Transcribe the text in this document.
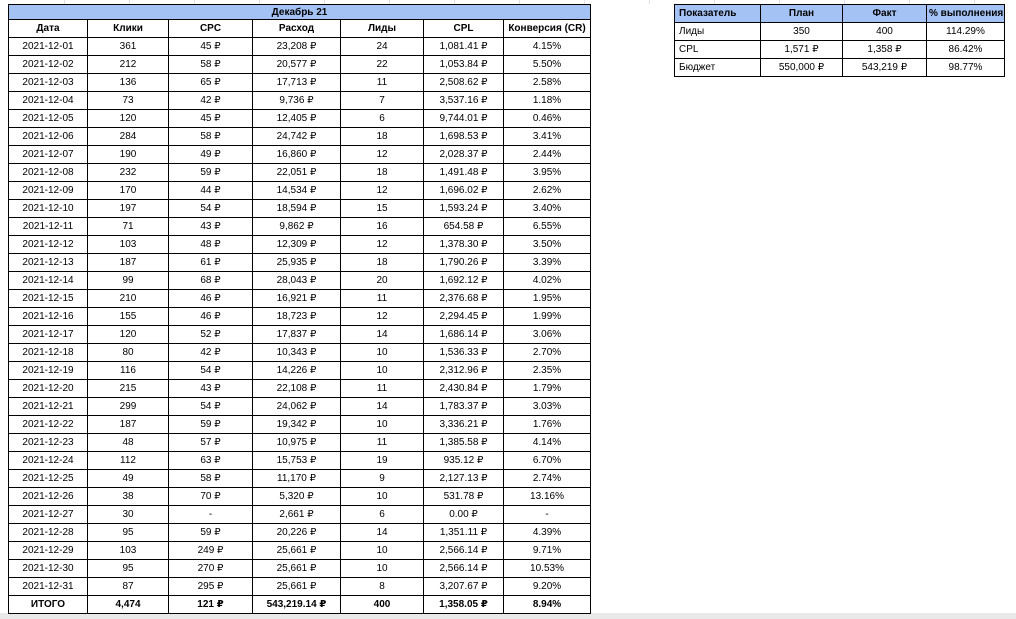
Декабрь 21						
Дата	Клики	CPC	Расход	Лиды	CPL	Конверсия (CR)
2021-12-01	361	45 ₽	23,208 ₽	24	1,081.41 ₽	4.15%
2021-12-02	212	58 ₽	20,577 ₽	22	1,053.84 ₽	5.50%
2021-12-03	136	65 ₽	17,713 ₽	11	2,508.62 ₽	2.58%
2021-12-04	73	42 ₽	9,736 ₽	7	3,537.16 ₽	1.18%
2021-12-05	120	45 ₽	12,405 ₽	6	9,744.01 ₽	0.46%
2021-12-06	284	58 ₽	24,742 ₽	18	1,698.53 ₽	3.41%
2021-12-07	190	49 ₽	16,860 ₽	12	2,028.37 ₽	2.44%
2021-12-08	232	59 ₽	22,051 ₽	18	1,491.48 ₽	3.95%
2021-12-09	170	44 ₽	14,534 ₽	12	1,696.02 ₽	2.62%
2021-12-10	197	54 ₽	18,594 ₽	15	1,593.24 ₽	3.40%
2021-12-11	71	43 ₽	9,862 ₽	16	654.58 ₽	6.55%
2021-12-12	103	48 ₽	12,309 ₽	12	1,378.30 ₽	3.50%
2021-12-13	187	61 ₽	25,935 ₽	18	1,790.26 ₽	3.39%
2021-12-14	99	68 ₽	28,043 ₽	20	1,692.12 ₽	4.02%
2021-12-15	210	46 ₽	16,921 ₽	11	2,376.68 ₽	1.95%
2021-12-16	155	46 ₽	18,723 ₽	12	2,294.45 ₽	1.99%
2021-12-17	120	52 ₽	17,837 ₽	14	1,686.14 ₽	3.06%
2021-12-18	80	42 ₽	10,343 ₽	10	1,536.33 ₽	2.70%
2021-12-19	116	54 ₽	14,226 ₽	10	2,312.96 ₽	2.35%
2021-12-20	215	43 ₽	22,108 ₽	11	2,430.84 ₽	1.79%
2021-12-21	299	54 ₽	24,062 ₽	14	1,783.37 ₽	3.03%
2021-12-22	187	59 ₽	19,342 ₽	10	3,336.21 ₽	1.76%
2021-12-23	48	57 ₽	10,975 ₽	11	1,385.58 ₽	4.14%
2021-12-24	112	63 ₽	15,753 ₽	19	935.12 ₽	6.70%
2021-12-25	49	58 ₽	11,170 ₽	9	2,127.13 ₽	2.74%
2021-12-26	38	70 ₽	5,320 ₽	10	531.78 ₽	13.16%
2021-12-27	30	-	2,661 ₽	6	0.00 ₽	-
2021-12-28	95	59 ₽	20,226 ₽	14	1,351.11 ₽	4.39%
2021-12-29	103	249 ₽	25,661 ₽	10	2,566.14 ₽	9.71%
2021-12-30	95	270 ₽	25,661 ₽	10	2,566.14 ₽	10.53%
2021-12-31	87	295 ₽	25,661 ₽	8	3,207.67 ₽	9.20%
ИТОГО	4,474	121 ₽	543,219.14 ₽	400	1,358.05 ₽	8.94%
Показатель	План	Факт	% выполнения
Лиды	350	400	114.29%
CPL	1,571 ₽	1,358 ₽	86.42%
Бюджет	550,000 ₽	543,219 ₽	98.77%
